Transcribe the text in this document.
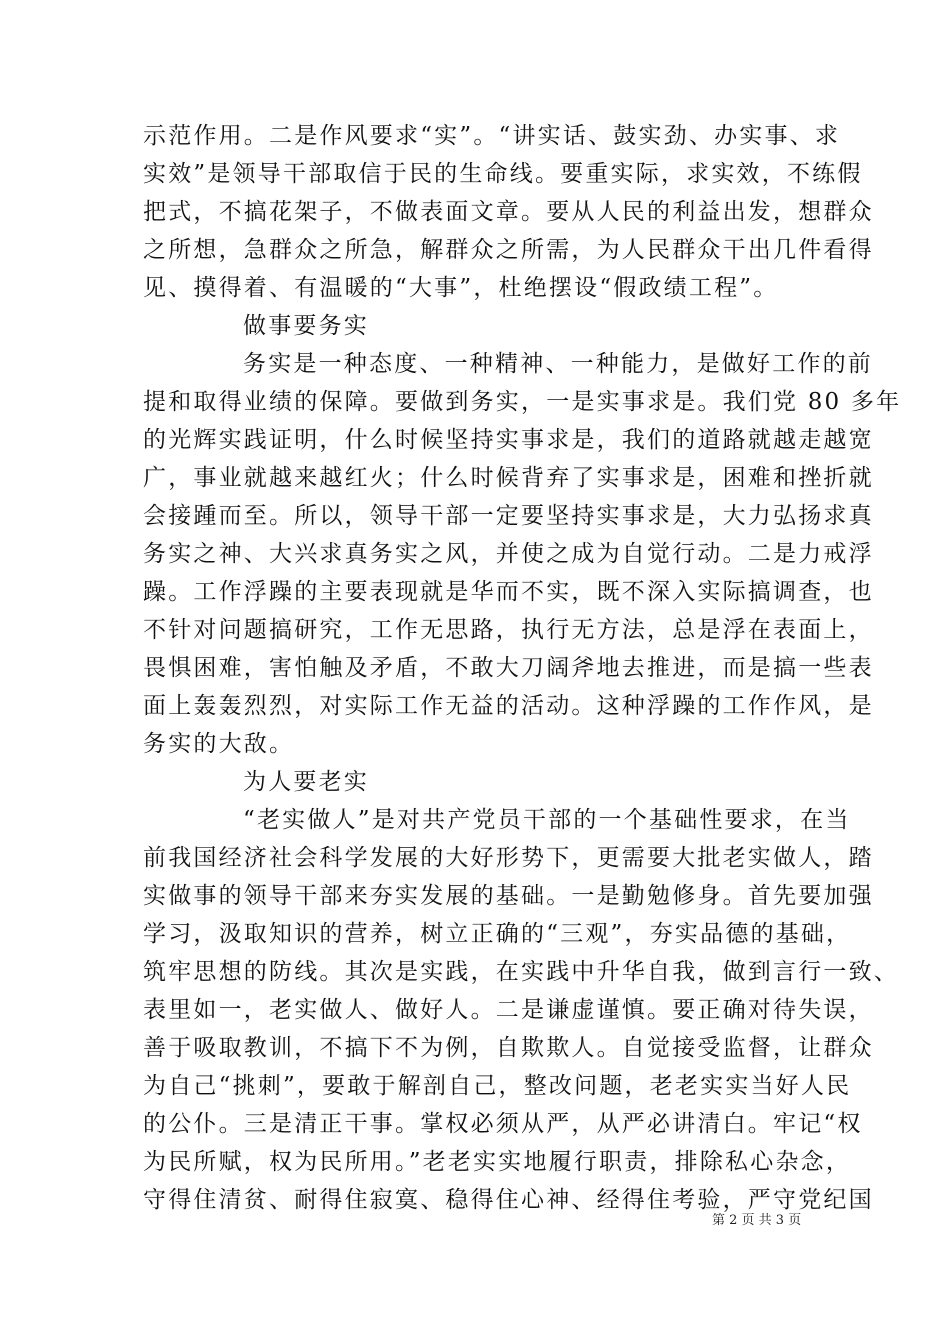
示范作用。二是作风要求“实”。“讲实话、鼓实劲、办实事、求
实效”是领导干部取信于民的生命线。要重实际，求实效，不练假
把式，不搞花架子，不做表面文章。要从人民的利益出发，想群众
之所想，急群众之所急，解群众之所需，为人民群众干出几件看得
见、摸得着、有温暖的“大事”，杜绝摆设“假政绩工程”。
做事要务实
务实是一种态度、一种精神、一种能力，是做好工作的前
提和取得业绩的保障。要做到务实，一是实事求是。我们党 80 多年
的光辉实践证明，什么时候坚持实事求是，我们的道路就越走越宽
广，事业就越来越红火；什么时候背弃了实事求是，困难和挫折就
会接踵而至。所以，领导干部一定要坚持实事求是，大力弘扬求真
务实之神、大兴求真务实之风，并使之成为自觉行动。二是力戒浮
躁。工作浮躁的主要表现就是华而不实，既不深入实际搞调查，也
不针对问题搞研究，工作无思路，执行无方法，总是浮在表面上，
畏惧困难，害怕触及矛盾，不敢大刀阔斧地去推进，而是搞一些表
面上轰轰烈烈，对实际工作无益的活动。这种浮躁的工作作风，是
务实的大敌。
为人要老实
“老实做人”是对共产党员干部的一个基础性要求，在当
前我国经济社会科学发展的大好形势下，更需要大批老实做人，踏
实做事的领导干部来夯实发展的基础。一是勤勉修身。首先要加强
学习，汲取知识的营养，树立正确的“三观”，夯实品德的基础，
筑牢思想的防线。其次是实践，在实践中升华自我，做到言行一致、
表里如一，老实做人、做好人。二是谦虚谨慎。要正确对待失误，
善于吸取教训，不搞下不为例，自欺欺人。自觉接受监督，让群众
为自己“挑刺”，要敢于解剖自己，整改问题，老老实实当好人民
的公仆。三是清正干事。掌权必须从严，从严必讲清白。牢记“权
为民所赋，权为民所用。”老老实实地履行职责，排除私心杂念，
守得住清贫、耐得住寂寞、稳得住心神、经得住考验，严守党纪国
第 2 页 共 3 页
